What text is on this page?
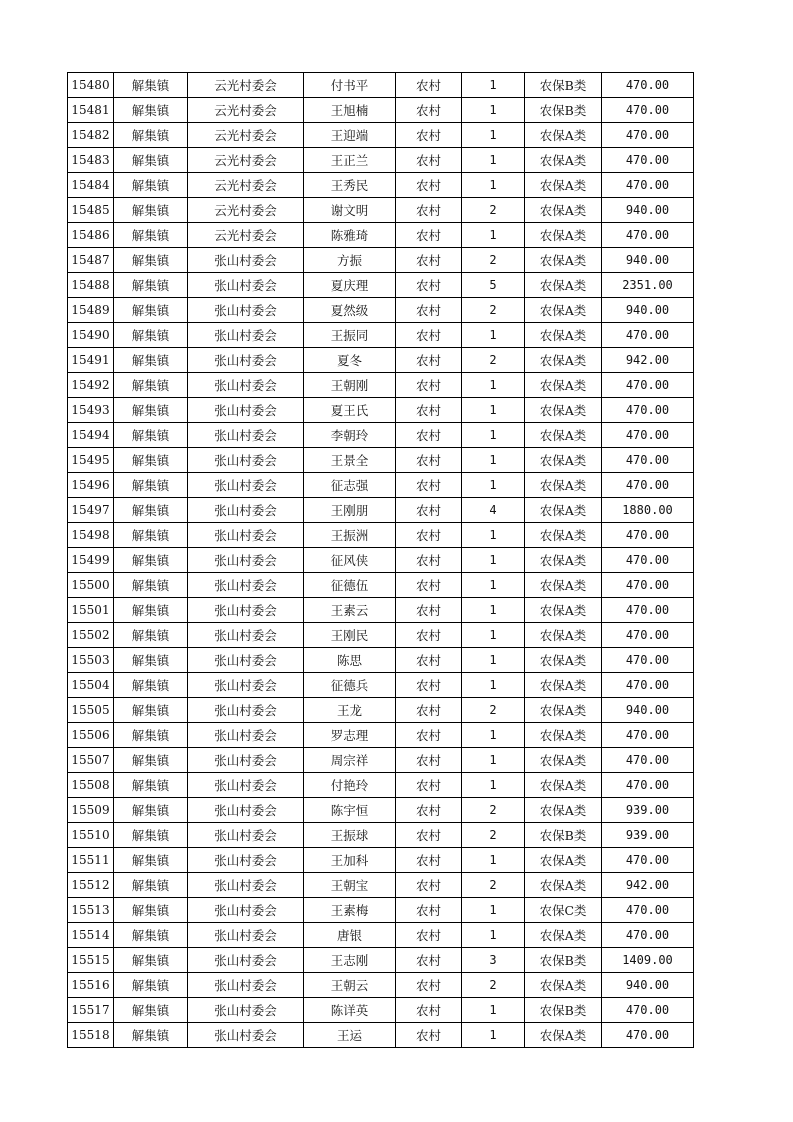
15480	解集镇	云光村委会	付书平	农村	1	农保B类	470.00
15481	解集镇	云光村委会	王旭楠	农村	1	农保B类	470.00
15482	解集镇	云光村委会	王迎端	农村	1	农保A类	470.00
15483	解集镇	云光村委会	王正兰	农村	1	农保A类	470.00
15484	解集镇	云光村委会	王秀民	农村	1	农保A类	470.00
15485	解集镇	云光村委会	谢文明	农村	2	农保A类	940.00
15486	解集镇	云光村委会	陈雅琦	农村	1	农保A类	470.00
15487	解集镇	张山村委会	方振	农村	2	农保A类	940.00
15488	解集镇	张山村委会	夏庆理	农村	5	农保A类	2351.00
15489	解集镇	张山村委会	夏然级	农村	2	农保A类	940.00
15490	解集镇	张山村委会	王振同	农村	1	农保A类	470.00
15491	解集镇	张山村委会	夏冬	农村	2	农保A类	942.00
15492	解集镇	张山村委会	王朝刚	农村	1	农保A类	470.00
15493	解集镇	张山村委会	夏王氏	农村	1	农保A类	470.00
15494	解集镇	张山村委会	李朝玲	农村	1	农保A类	470.00
15495	解集镇	张山村委会	王景全	农村	1	农保A类	470.00
15496	解集镇	张山村委会	征志强	农村	1	农保A类	470.00
15497	解集镇	张山村委会	王刚朋	农村	4	农保A类	1880.00
15498	解集镇	张山村委会	王振洲	农村	1	农保A类	470.00
15499	解集镇	张山村委会	征风侠	农村	1	农保A类	470.00
15500	解集镇	张山村委会	征德伍	农村	1	农保A类	470.00
15501	解集镇	张山村委会	王素云	农村	1	农保A类	470.00
15502	解集镇	张山村委会	王刚民	农村	1	农保A类	470.00
15503	解集镇	张山村委会	陈思	农村	1	农保A类	470.00
15504	解集镇	张山村委会	征德兵	农村	1	农保A类	470.00
15505	解集镇	张山村委会	王龙	农村	2	农保A类	940.00
15506	解集镇	张山村委会	罗志理	农村	1	农保A类	470.00
15507	解集镇	张山村委会	周宗祥	农村	1	农保A类	470.00
15508	解集镇	张山村委会	付艳玲	农村	1	农保A类	470.00
15509	解集镇	张山村委会	陈宇恒	农村	2	农保A类	939.00
15510	解集镇	张山村委会	王振球	农村	2	农保B类	939.00
15511	解集镇	张山村委会	王加科	农村	1	农保A类	470.00
15512	解集镇	张山村委会	王朝宝	农村	2	农保A类	942.00
15513	解集镇	张山村委会	王素梅	农村	1	农保C类	470.00
15514	解集镇	张山村委会	唐银	农村	1	农保A类	470.00
15515	解集镇	张山村委会	王志刚	农村	3	农保B类	1409.00
15516	解集镇	张山村委会	王朝云	农村	2	农保A类	940.00
15517	解集镇	张山村委会	陈详英	农村	1	农保B类	470.00
15518	解集镇	张山村委会	王运	农村	1	农保A类	470.00
